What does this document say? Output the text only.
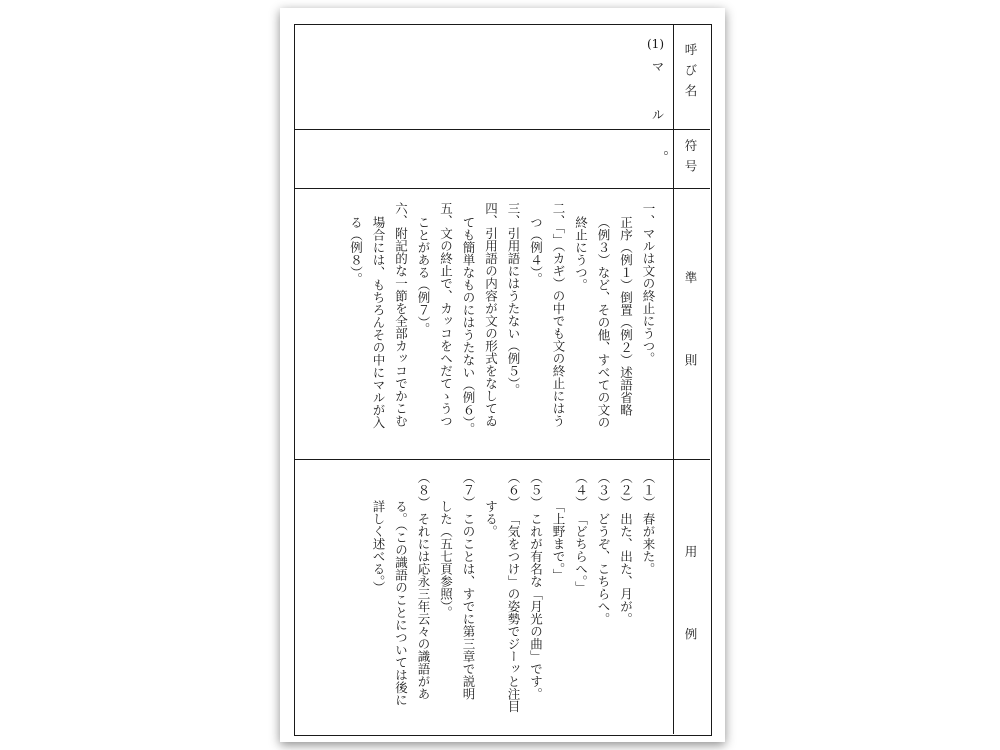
呼び名
符号
準則
用例
(1)
マ
ル
。

一、マルは文の終止にうつ。

正序（例１）倒置（例２）述語省略

（例３）など、その他、すべての文の

終止にうつ。

二、「」（カギ）の中でも文の終止にはう

つ（例４）。

三、引用語にはうたない（例５）。

四、引用語の内容が文の形式をなしてゐ

ても簡単なものにはうたない（例６）。

五、文の終止で、カッコをへだてゝうつ

ことがある（例７）。

六、附記的な一節を全部カッコでかこむ

場合には、もちろんその中にマルが入

る（例８）。

（１） 春が来た。

（２） 出た、出た、月が。

（３） どうぞ、こちらへ。

（４） 「どちらへ。」

　　 「上野まで。」

（５） これが有名な「月光の曲」です。

（６） 「気をつけ」の姿勢でジーッと注目

　　 する。

（７） このことは、すでに第三章で説明

　　 した（五七頁参照）。

（８） それには応永三年云々の識語があ

　　 る。（この識語のことについては後に

　　 詳しく述べる。）
